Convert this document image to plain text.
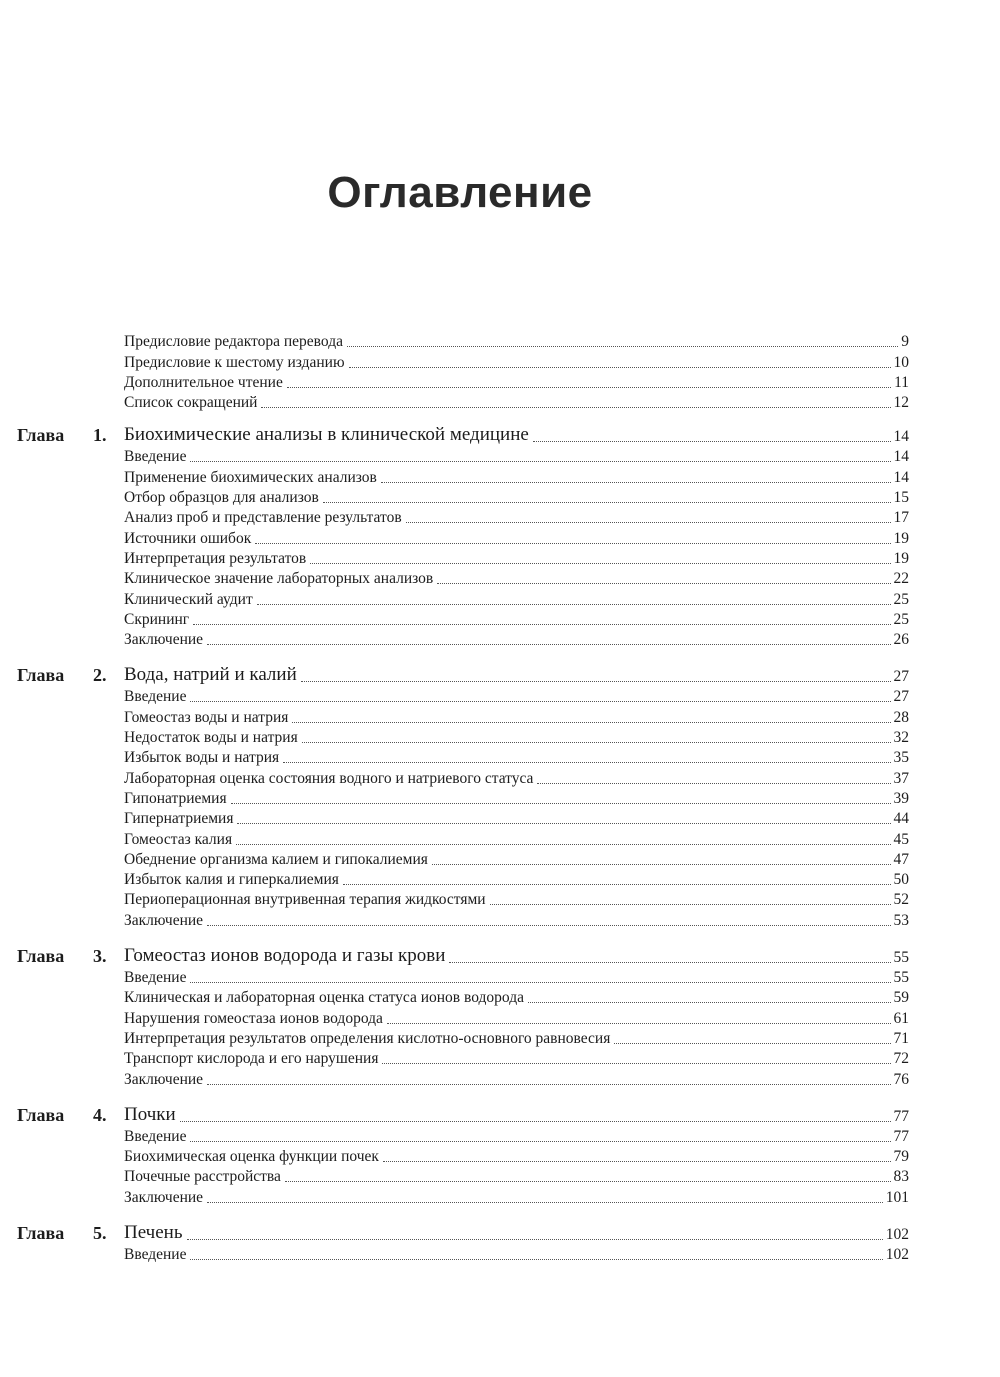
Оглавление
Предисловие редактора перевода	9
Предисловие к шестому изданию	10
Дополнительное чтение	11
Список сокращений	12
Глава 1. Биохимические анализы в клинической медицине	14
Введение	14
Применение биохимических анализов	14
Отбор образцов для анализов	15
Анализ проб и представление результатов	17
Источники ошибок	19
Интерпретация результатов	19
Клиническое значение лабораторных анализов	22
Клинический аудит	25
Скрининг	25
Заключение	26
Глава 2. Вода, натрий и калий	27
Введение	27
Гомеостаз воды и натрия	28
Недостаток воды и натрия	32
Избыток воды и натрия	35
Лабораторная оценка состояния водного и натриевого статуса	37
Гипонатриемия	39
Гипернатриемия	44
Гомеостаз калия	45
Обеднение организма калием и гипокалиемия	47
Избыток калия и гиперкалиемия	50
Периоперационная внутривенная терапия жидкостями	52
Заключение	53
Глава 3. Гомеостаз ионов водорода и газы крови	55
Введение	55
Клиническая и лабораторная оценка статуса ионов водорода	59
Нарушения гомеостаза ионов водорода	61
Интерпретация результатов определения кислотно-основного равновесия	71
Транспорт кислорода и его нарушения	72
Заключение	76
Глава 4. Почки	77
Введение	77
Биохимическая оценка функции почек	79
Почечные расстройства	83
Заключение	101
Глава 5. Печень	102
Введение	102
